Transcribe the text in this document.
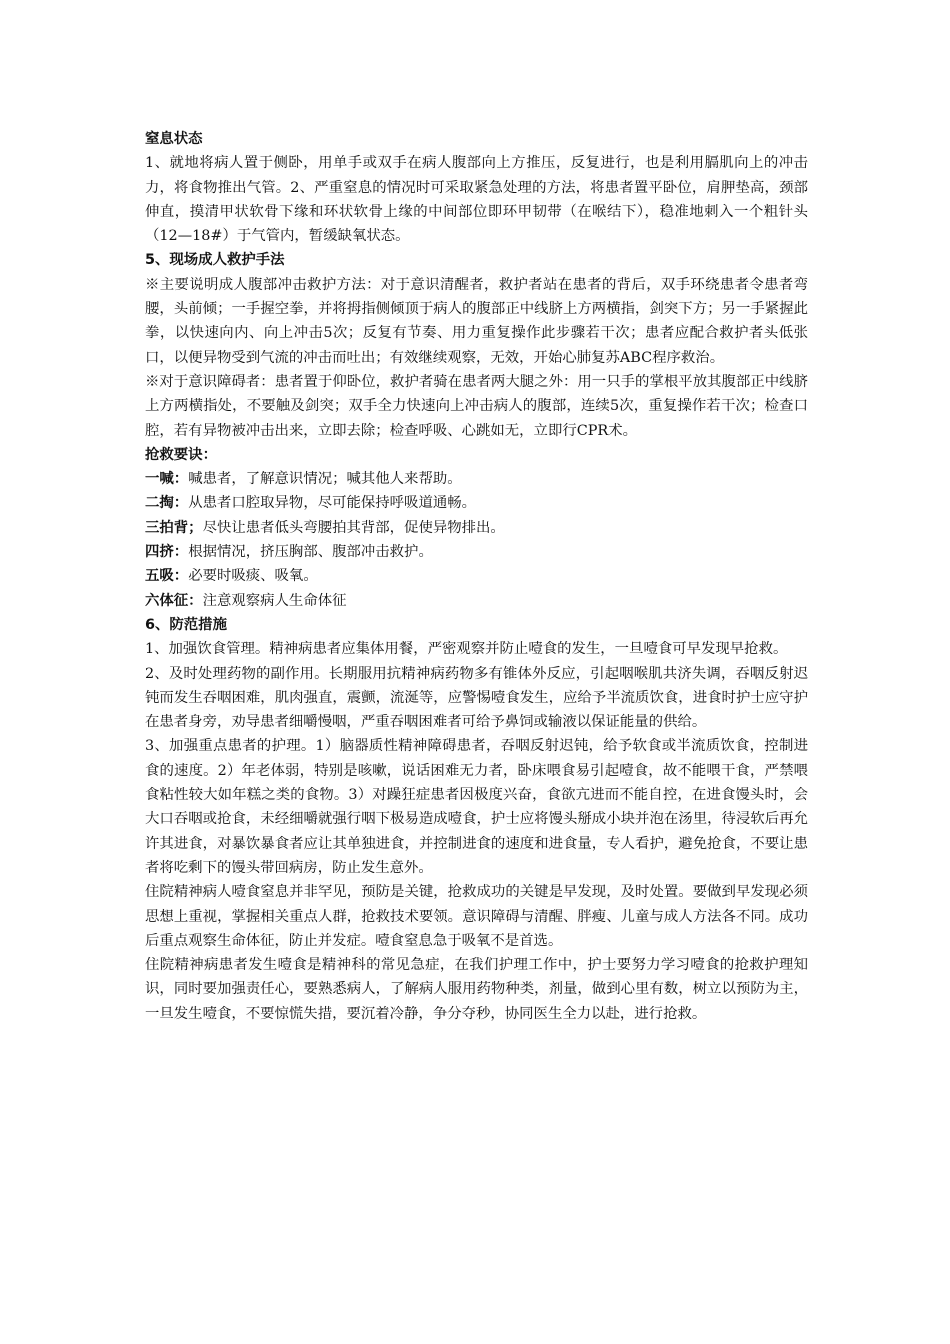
窒息状态

1、就地将病人置于侧卧，用单手或双手在病人腹部向上方推压，反复进行，也是利用膈肌向上的冲击力，将食物推出气管。2、严重窒息的情况时可采取紧急处理的方法，将患者置平卧位，肩胛垫高，颈部伸直，摸清甲状软骨下缘和环状软骨上缘的中间部位即环甲韧带（在喉结下），稳准地刺入一个粗针头（12—18#）于气管内，暂缓缺氧状态。

5、现场成人救护手法

※主要说明成人腹部冲击救护方法：对于意识清醒者，救护者站在患者的背后，双手环绕患者令患者弯腰，头前倾；一手握空拳，并将拇指侧倾顶于病人的腹部正中线脐上方两横指，剑突下方；另一手紧握此拳，以快速向内、向上冲击5次；反复有节奏、用力重复操作此步骤若干次；患者应配合救护者头低张口，以便异物受到气流的冲击而吐出；有效继续观察，无效，开始心肺复苏ABC程序救治。

※对于意识障碍者：患者置于仰卧位，救护者骑在患者两大腿之外：用一只手的掌根平放其腹部正中线脐上方两横指处，不要触及剑突；双手全力快速向上冲击病人的腹部，连续5次，重复操作若干次；检查口腔，若有异物被冲击出来，立即去除；检查呼吸、心跳如无，立即行CPR术。

抢救要诀：

一喊：喊患者，了解意识情况；喊其他人来帮助。

二掏：从患者口腔取异物，尽可能保持呼吸道通畅。

三拍背；尽快让患者低头弯腰拍其背部，促使异物排出。

四挤：根据情况，挤压胸部、腹部冲击救护。

五吸：必要时吸痰、吸氧。

六体征：注意观察病人生命体征

6、防范措施

1、加强饮食管理。精神病患者应集体用餐，严密观察并防止噎食的发生，一旦噎食可早发现早抢救。

2、及时处理药物的副作用。长期服用抗精神病药物多有锥体外反应，引起咽喉肌共济失调，吞咽反射迟钝而发生吞咽困难，肌肉强直，震颤，流涎等，应警惕噎食发生，应给予半流质饮食，进食时护士应守护在患者身旁，劝导患者细嚼慢咽，严重吞咽困难者可给予鼻饲或输液以保证能量的供给。

3、加强重点患者的护理。1）脑器质性精神障碍患者，吞咽反射迟钝，给予软食或半流质饮食，控制进食的速度。2）年老体弱，特别是咳嗽，说话困难无力者，卧床喂食易引起噎食，故不能喂干食，严禁喂食粘性较大如年糕之类的食物。3）对躁狂症患者因极度兴奋，食欲亢进而不能自控，在进食馒头时，会大口吞咽或抢食，未经细嚼就强行咽下极易造成噎食，护士应将馒头掰成小块并泡在汤里，待浸软后再允许其进食，对暴饮暴食者应让其单独进食，并控制进食的速度和进食量，专人看护，避免抢食，不要让患者将吃剩下的馒头带回病房，防止发生意外。

住院精神病人噎食窒息并非罕见，预防是关键，抢救成功的关键是早发现，及时处置。要做到早发现必须思想上重视，掌握相关重点人群，抢救技术要领。意识障碍与清醒、胖瘦、儿童与成人方法各不同。成功后重点观察生命体征，防止并发症。噎食窒息急于吸氧不是首选。

住院精神病患者发生噎食是精神科的常见急症，在我们护理工作中，护士要努力学习噎食的抢救护理知识，同时要加强责任心，要熟悉病人，了解病人服用药物种类，剂量，做到心里有数，树立以预防为主，一旦发生噎食，不要惊慌失措，要沉着冷静，争分夺秒，协同医生全力以赴，进行抢救。
